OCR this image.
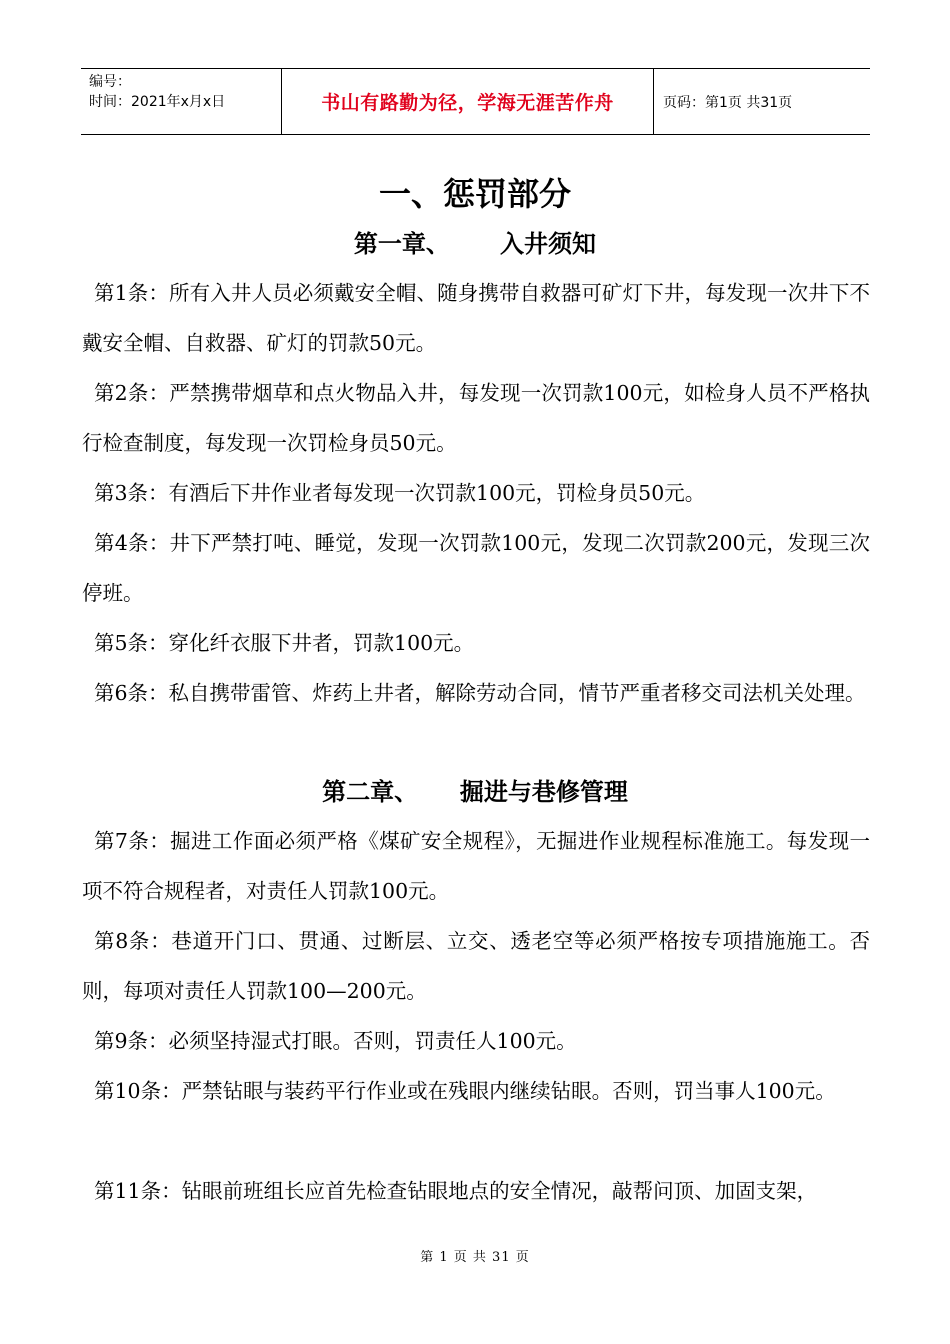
编号：
时间：2021年x月x日	书山有路勤为径，学海无涯苦作舟	页码：第1页 共31页
一、惩罚部分
第一章、      入井须知
第1条：所有入井人员必须戴安全帽、随身携带自救器可矿灯下井，每发现一次井下不戴安全帽、自救器、矿灯的罚款50元。
第2条：严禁携带烟草和点火物品入井，每发现一次罚款100元，如检身人员不严格执行检查制度，每发现一次罚检身员50元。
第3条：有酒后下井作业者每发现一次罚款100元，罚检身员50元。
第4条：井下严禁打吨、睡觉，发现一次罚款100元，发现二次罚款200元，发现三次停班。
第5条：穿化纤衣服下井者，罚款100元。
第6条：私自携带雷管、炸药上井者，解除劳动合同，情节严重者移交司法机关处理。
第二章、     掘进与巷修管理
第7条：掘进工作面必须严格《煤矿安全规程》，无掘进作业规程标准施工。每发现一项不符合规程者，对责任人罚款100元。
第8条：巷道开门口、贯通、过断层、立交、透老空等必须严格按专项措施施工。否则，每项对责任人罚款100—200元。
第9条：必须坚持湿式打眼。否则，罚责任人100元。
第10条：严禁钻眼与装药平行作业或在残眼内继续钻眼。否则，罚当事人100元。
第11条：钻眼前班组长应首先检查钻眼地点的安全情况，敲帮问顶、加固支架，
第 1 页 共 31 页
